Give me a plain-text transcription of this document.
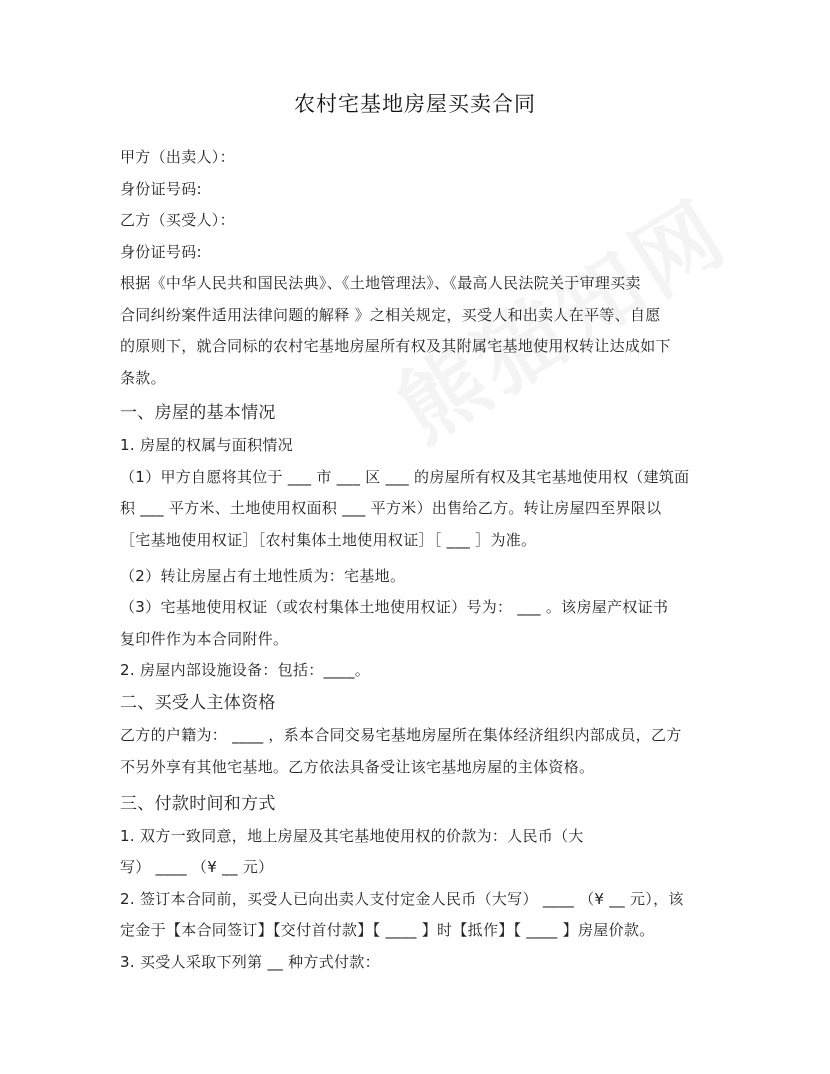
农村宅基地房屋买卖合同
甲方（出卖人）：
身份证号码:
乙方（买受人）：
身份证号码:
根据《中华人民共和国民法典》、《土地管理法》、《最高人民法院关于审理买卖
合同纠纷案件适用法律问题的解释 》之相关规定，买受人和出卖人在平等、自愿
的原则下，就合同标的农村宅基地房屋所有权及其附属宅基地使用权转让达成如下
条款。
一、房屋的基本情况
1. 房屋的权属与面积情况
（1）甲方自愿将其位于 ___ 市 ___ 区 ___ 的房屋所有权及其宅基地使用权（建筑面
积 ___ 平方米、土地使用权面积 ___ 平方米）出售给乙方。转让房屋四至界限以
［宅基地使用权证］［农村集体土地使用权证］［ ___ ］为准。
（2）转让房屋占有土地性质为：宅基地。
（3）宅基地使用权证（或农村集体土地使用权证）号为： ___ 。该房屋产权证书
复印件作为本合同附件。
2. 房屋内部设施设备：包括：____。
二、买受人主体资格
乙方的户籍为： ____ ，系本合同交易宅基地房屋所在集体经济组织内部成员，乙方
不另外享有其他宅基地。乙方依法具备受让该宅基地房屋的主体资格。
三、付款时间和方式
1. 双方一致同意，地上房屋及其宅基地使用权的价款为：人民币（大
写） ____ （¥ __ 元）
2. 签订本合同前，买受人已向出卖人支付定金人民币（大写） ____ （¥ __ 元），该
定金于【本合同签订】【交付首付款】【 ____ 】时【抵作】【 ____ 】房屋价款。
3. 买受人采取下列第 __ 种方式付款：
